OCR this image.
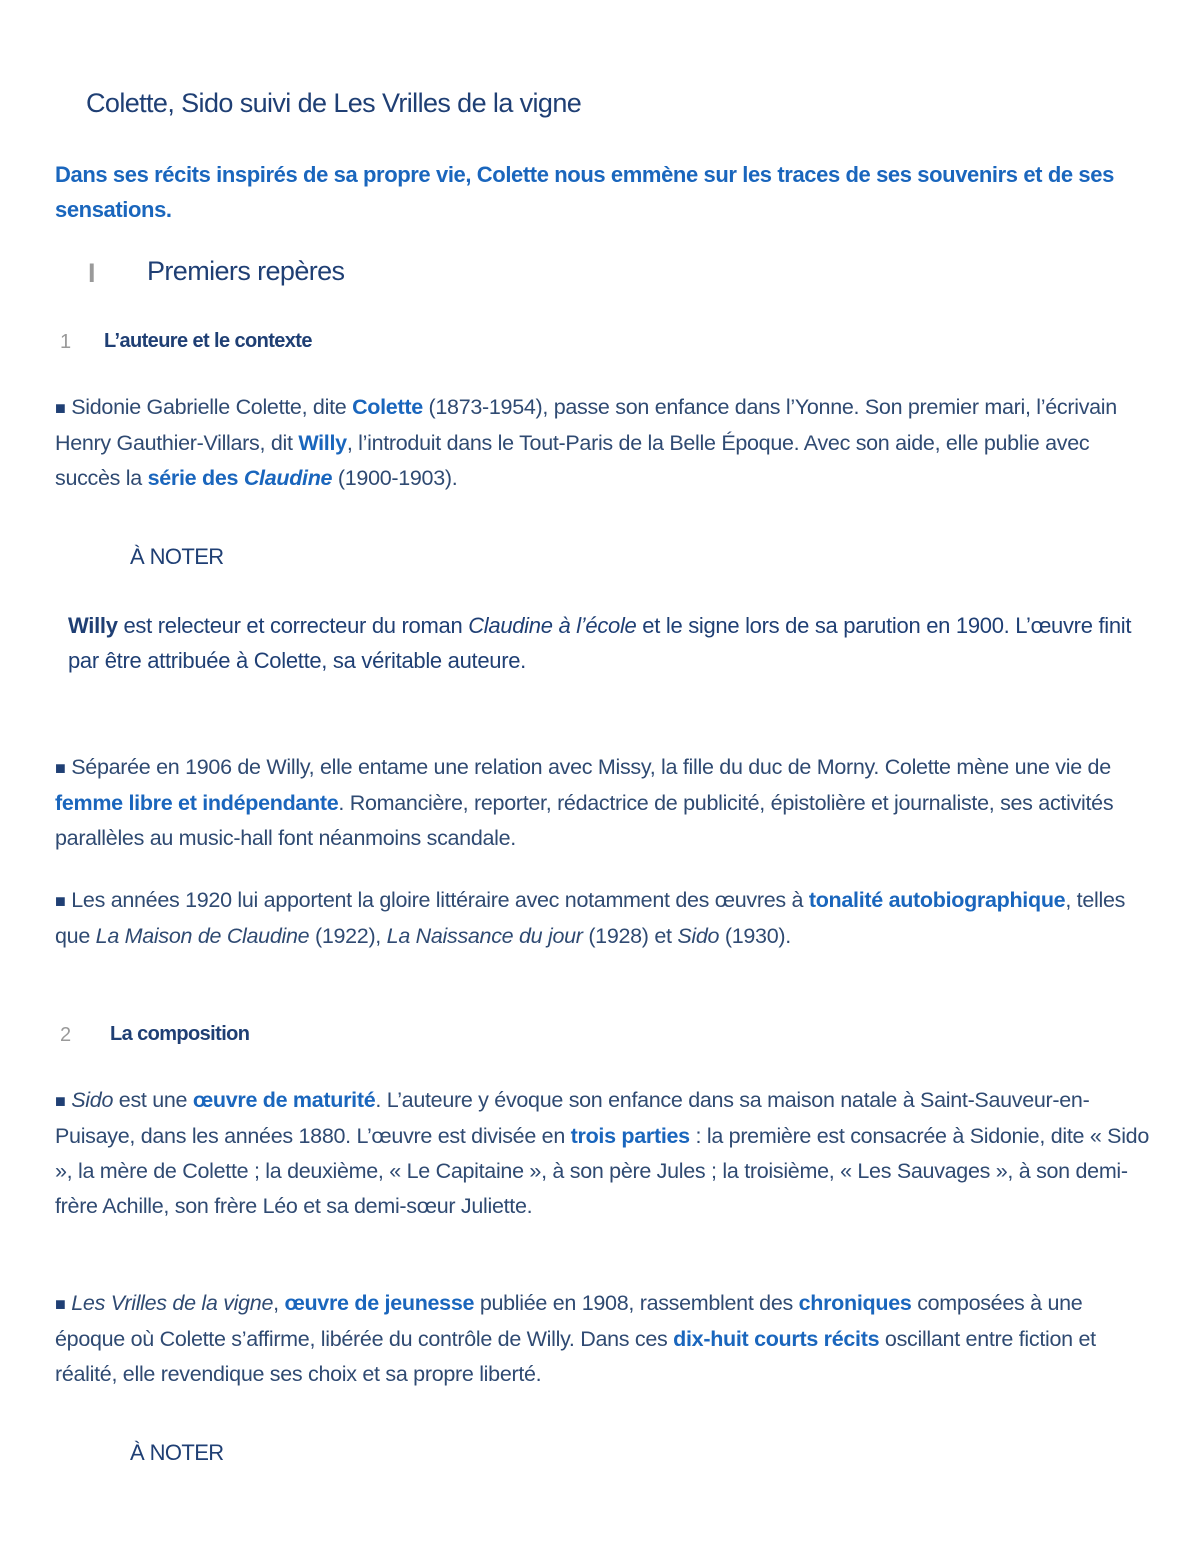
Colette, Sido suivi de Les Vrilles de la vigne
Dans ses récits inspirés de sa propre vie, Colette nous emmène sur les traces de ses souvenirs et de ses sensations.
I Premiers repères
1 L’auteure et le contexte
■ Sidonie Gabrielle Colette, dite Colette (1873-1954), passe son enfance dans l’Yonne. Son premier mari, l’écrivain Henry Gauthier-Villars, dit Willy, l’introduit dans le Tout-Paris de la Belle Époque. Avec son aide, elle publie avec succès la série des Claudine (1900-1903).
À NOTER
Willy est relecteur et correcteur du roman Claudine à l’école et le signe lors de sa parution en 1900. L’œuvre finit par être attribuée à Colette, sa véritable auteure.
■ Séparée en 1906 de Willy, elle entame une relation avec Missy, la fille du duc de Morny. Colette mène une vie de femme libre et indépendante. Romancière, reporter, rédactrice de publicité, épistolière et journaliste, ses activités parallèles au music-hall font néanmoins scandale.
■ Les années 1920 lui apportent la gloire littéraire avec notamment des œuvres à tonalité autobiographique, telles que La Maison de Claudine (1922), La Naissance du jour (1928) et Sido (1930).
2 La composition
■ Sido est une œuvre de maturité. L’auteure y évoque son enfance dans sa maison natale à Saint-Sauveur-en-Puisaye, dans les années 1880. L’œuvre est divisée en trois parties : la première est consacrée à Sidonie, dite « Sido », la mère de Colette ; la deuxième, « Le Capitaine », à son père Jules ; la troisième, « Les Sauvages », à son demi-frère Achille, son frère Léo et sa demi-sœur Juliette.
■ Les Vrilles de la vigne, œuvre de jeunesse publiée en 1908, rassemblent des chroniques composées à une époque où Colette s’affirme, libérée du contrôle de Willy. Dans ces dix-huit courts récits oscillant entre fiction et réalité, elle revendique ses choix et sa propre liberté.
À NOTER
